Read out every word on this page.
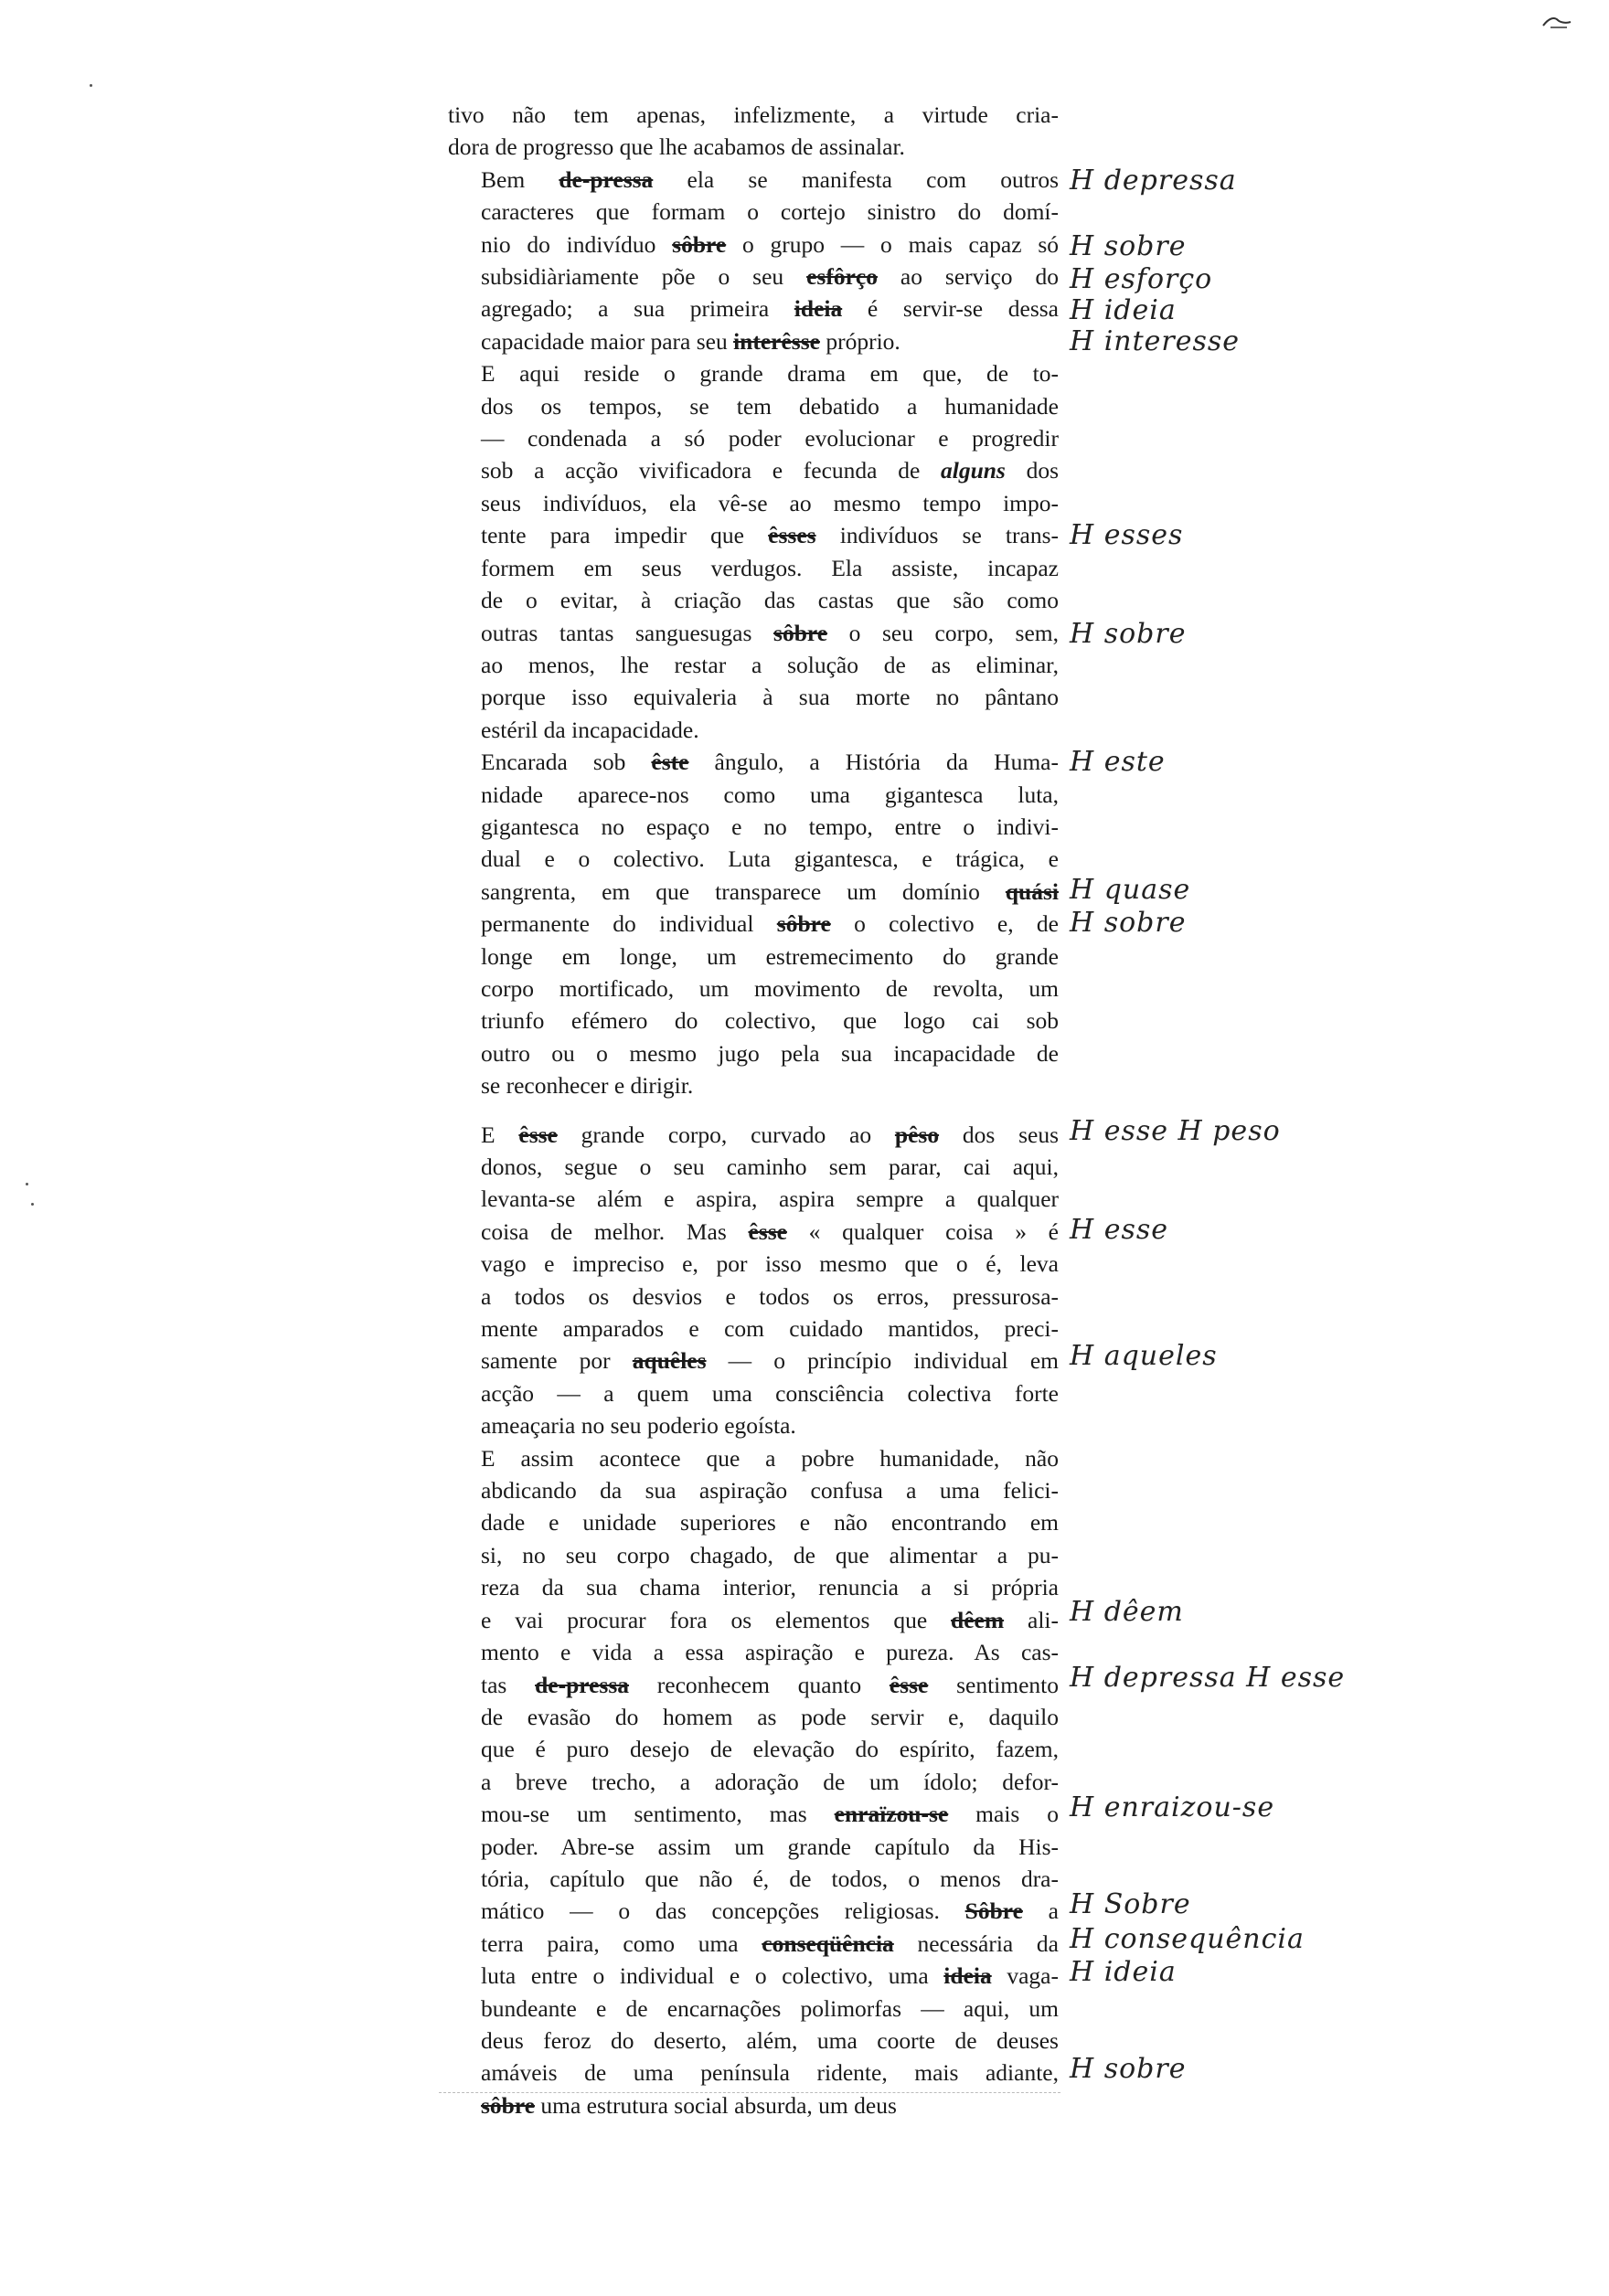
tivo não tem apenas, infelizmente, a virtude cria-
dora de progresso que lhe acabamos de assinalar.
Bem de-pressa ela se manifesta com outros
caracteres que formam o cortejo sinistro do domí-
nio do indivíduo sôbre o grupo — o mais capaz só
subsidiàriamente põe o seu esfôrço ao serviço do
agregado; a sua primeira ideia é servir-se dessa
capacidade maior para seu interêsse próprio.
E aqui reside o grande drama em que, de to-
dos os tempos, se tem debatido a humanidade
— condenada a só poder evolucionar e progredir
sob a acção vivificadora e fecunda de alguns dos
seus indivíduos, ela vê-se ao mesmo tempo impo-
tente para impedir que êsses indivíduos se trans-
formem em seus verdugos. Ela assiste, incapaz
de o evitar, à criação das castas que são como
outras tantas sanguesugas sôbre o seu corpo, sem,
ao menos, lhe restar a solução de as eliminar,
porque isso equivaleria à sua morte no pântano
estéril da incapacidade.
Encarada sob êste ângulo, a História da Huma-
nidade aparece-nos como uma gigantesca luta,
gigantesca no espaço e no tempo, entre o indivi-
dual e o colectivo. Luta gigantesca, e trágica, e
sangrenta, em que transparece um domínio quási
permanente do individual sôbre o colectivo e, de
longe em longe, um estremecimento do grande
corpo mortificado, um movimento de revolta, um
triunfo efémero do colectivo, que logo cai sob
outro ou o mesmo jugo pela sua incapacidade de
se reconhecer e dirigir.
E êsse grande corpo, curvado ao pêso dos seus
donos, segue o seu caminho sem parar, cai aqui,
levanta-se além e aspira, aspira sempre a qualquer
coisa de melhor. Mas êsse « qualquer coisa » é
vago e impreciso e, por isso mesmo que o é, leva
a todos os desvios e todos os erros, pressurosa-
mente amparados e com cuidado mantidos, preci-
samente por aquêles — o princípio individual em
acção — a quem uma consciência colectiva forte
ameaçaria no seu poderio egoísta.
E assim acontece que a pobre humanidade, não
abdicando da sua aspiração confusa a uma felici-
dade e unidade superiores e não encontrando em
si, no seu corpo chagado, de que alimentar a pu-
reza da sua chama interior, renuncia a si própria
e vai procurar fora os elementos que dêem ali-
mento e vida a essa aspiração e pureza. As cas-
tas de-pressa reconhecem quanto êsse sentimento
de evasão do homem as pode servir e, daquilo
que é puro desejo de elevação do espírito, fazem,
a breve trecho, a adoração de um ídolo; defor-
mou-se um sentimento, mas enraïzou-se mais o
poder. Abre-se assim um grande capítulo da His-
tória, capítulo que não é, de todos, o menos dra-
mático — o das concepções religiosas. Sôbre a
terra paira, como uma conseqüência necessária da
luta entre o individual e o colectivo, uma ideia vaga-
bundeante e de encarnações polimorfas — aqui, um
deus feroz do deserto, além, uma coorte de deuses
amáveis de uma península ridente, mais adiante,
sôbre uma estrutura social absurda, um deus
H depressa
H sobre
H esforço
H ideia
H interesse
H esses
H sobre
H este
H quase
H sobre
H esse H peso
H esse
H aqueles
H dêem
H depressa H esse
H enraizou-se
H Sobre
H consequência
H ideia
H sobre
